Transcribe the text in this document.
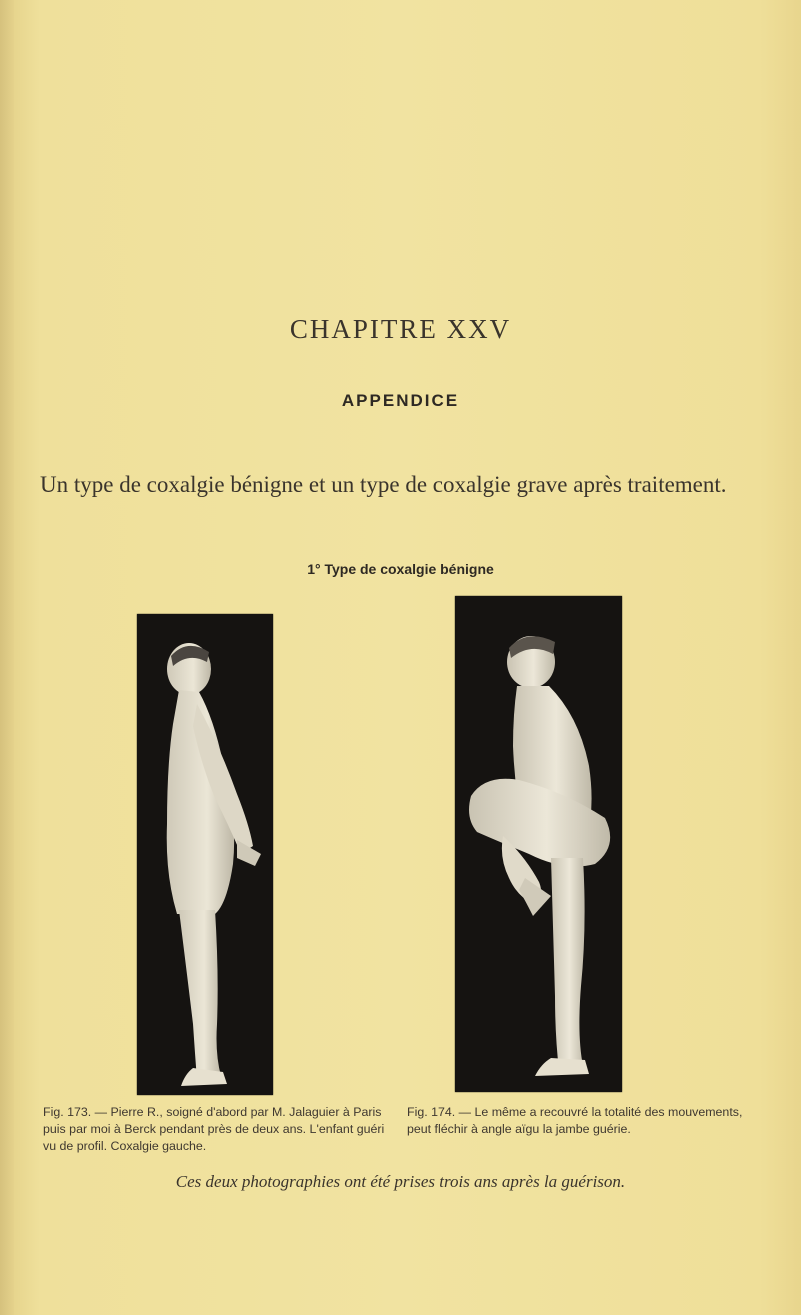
CHAPITRE XXV
APPENDICE

Un type de coxalgie bénigne et un type de coxalgie grave après traitement.

1° Type de coxalgie bénigne

Fig. 173. — Pierre R., soigné d'abord par M. Jalaguier à Paris puis par moi à Berck pendant près de deux ans. L'enfant guéri vu de profil. Coxalgie gauche.

Fig. 174. — Le même a recouvré la totalité des mouvements, peut fléchir à angle aïgu la jambe guérie.

Ces deux photographies ont été prises trois ans après la guérison.
